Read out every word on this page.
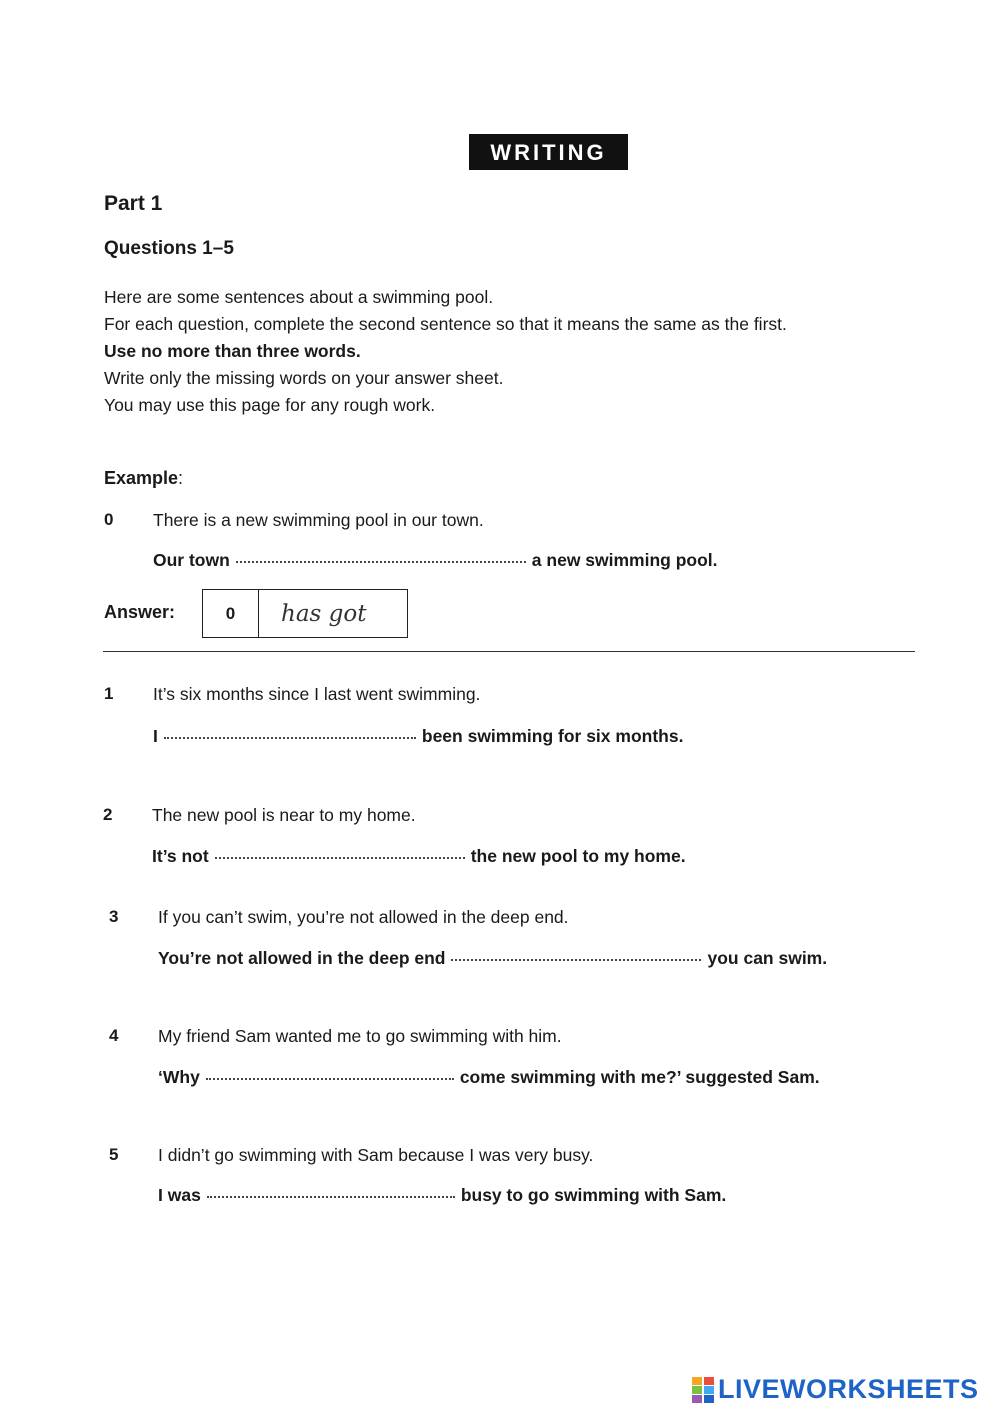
WRITING
Part 1
Questions 1–5
Here are some sentences about a swimming pool.
For each question, complete the second sentence so that it means the same as the first.
Use no more than three words.
Write only the missing words on your answer sheet.
You may use this page for any rough work.
Example:
0 There is a new swimming pool in our town.
Our town	a new swimming pool.
Answer:	0	has got
1 It’s six months since I last went swimming.
I	been swimming for six months.
2 The new pool is near to my home.
It’s not	the new pool to my home.
3 If you can’t swim, you’re not allowed in the deep end.
You’re not allowed in the deep end	you can swim.
4 My friend Sam wanted me to go swimming with him.
‘Why	come swimming with me?’ suggested Sam.
5 I didn’t go swimming with Sam because I was very busy.
I was	busy to go swimming with Sam.
LIVEWORKSHEETS
